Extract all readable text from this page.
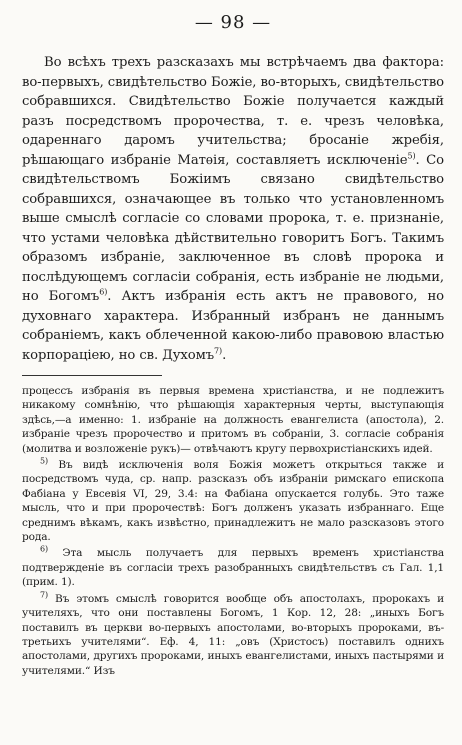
— 98 —

Во всѣхъ трехъ разсказахъ мы встрѣчаемъ два фактора: во-первыхъ, свидѣтельство Божіе, во-вторыхъ, свидѣтельство собравшихся. Свидѣтельство Божіе получается каждый разъ посредствомъ пророчества, т. е. чрезъ человѣка, одареннаго даромъ учительства; бросаніе жребія, рѣшающаго избраніе Матѳія, составляетъ исключеніе$^{5)}$. Со свидѣтельствомъ Божіимъ связано свидѣтельство собравшихся, означающее въ только что установленномъ выше смыслѣ согласіе со словами пророка, т. е. признаніе, что устами человѣка дѣйствительно говоритъ Богъ. Такимъ образомъ избраніе, заключенное въ словѣ пророка и послѣдующемъ согласіи собранія, есть избраніе не людьми, но Богомъ$^{6)}$. Актъ избранія есть актъ не правового, но духовнаго характера. Избранный избранъ не даннымъ собраніемъ, какъ облеченной какою-либо правовою властью корпораціею, но св. Духомъ$^{7)}$.

процессъ избранія въ первыя времена христіанства, и не подлежитъ никакому сомнѣнію, что рѣшающія характерныя черты, выступающія здѣсь,—а именно: 1. избраніе на должность евангелиста (апостола), 2. избраніе чрезъ пророчество и притомъ въ собраніи, 3. согласіе собранія (молитва и возложеніе рукъ)— отвѣчаютъ кругу первохристіанскихъ идей.

$^{5)}$ Въ видѣ исключенія воля Божія можетъ открыться также и посредствомъ чуда, ср. напр. разсказъ объ избраніи римскаго епископа Фабіана у Евсевія VI, 29, 3.4: на Фабіана опускается голубь. Это таже мысль, что и при пророчествѣ: Богъ долженъ указать избраннаго. Еще среднимъ вѣкамъ, какъ извѣстно, принадлежитъ не мало разсказовъ этого рода.

$^{6)}$ Эта мысль получаетъ для первыхъ временъ христіанства подтвержденіе въ согласіи трехъ разобранныхъ свидѣтельствъ съ Гал. 1,1 (прим. 1).

$^{7)}$ Въ этомъ смыслѣ говорится вообще объ апостолахъ, пророкахъ и учителяхъ, что они поставлены Богомъ, 1 Кор. 12, 28: „иныхъ Богъ поставилъ въ церкви во-первыхъ апостолами, во-вторыхъ пророками, въ-третьихъ учителями“. Еф. 4, 11: „овъ (Христосъ) поставилъ однихъ апостолами, другихъ пророками, иныхъ евангелистами, иныхъ пастырями и учителями.“ Изъ
